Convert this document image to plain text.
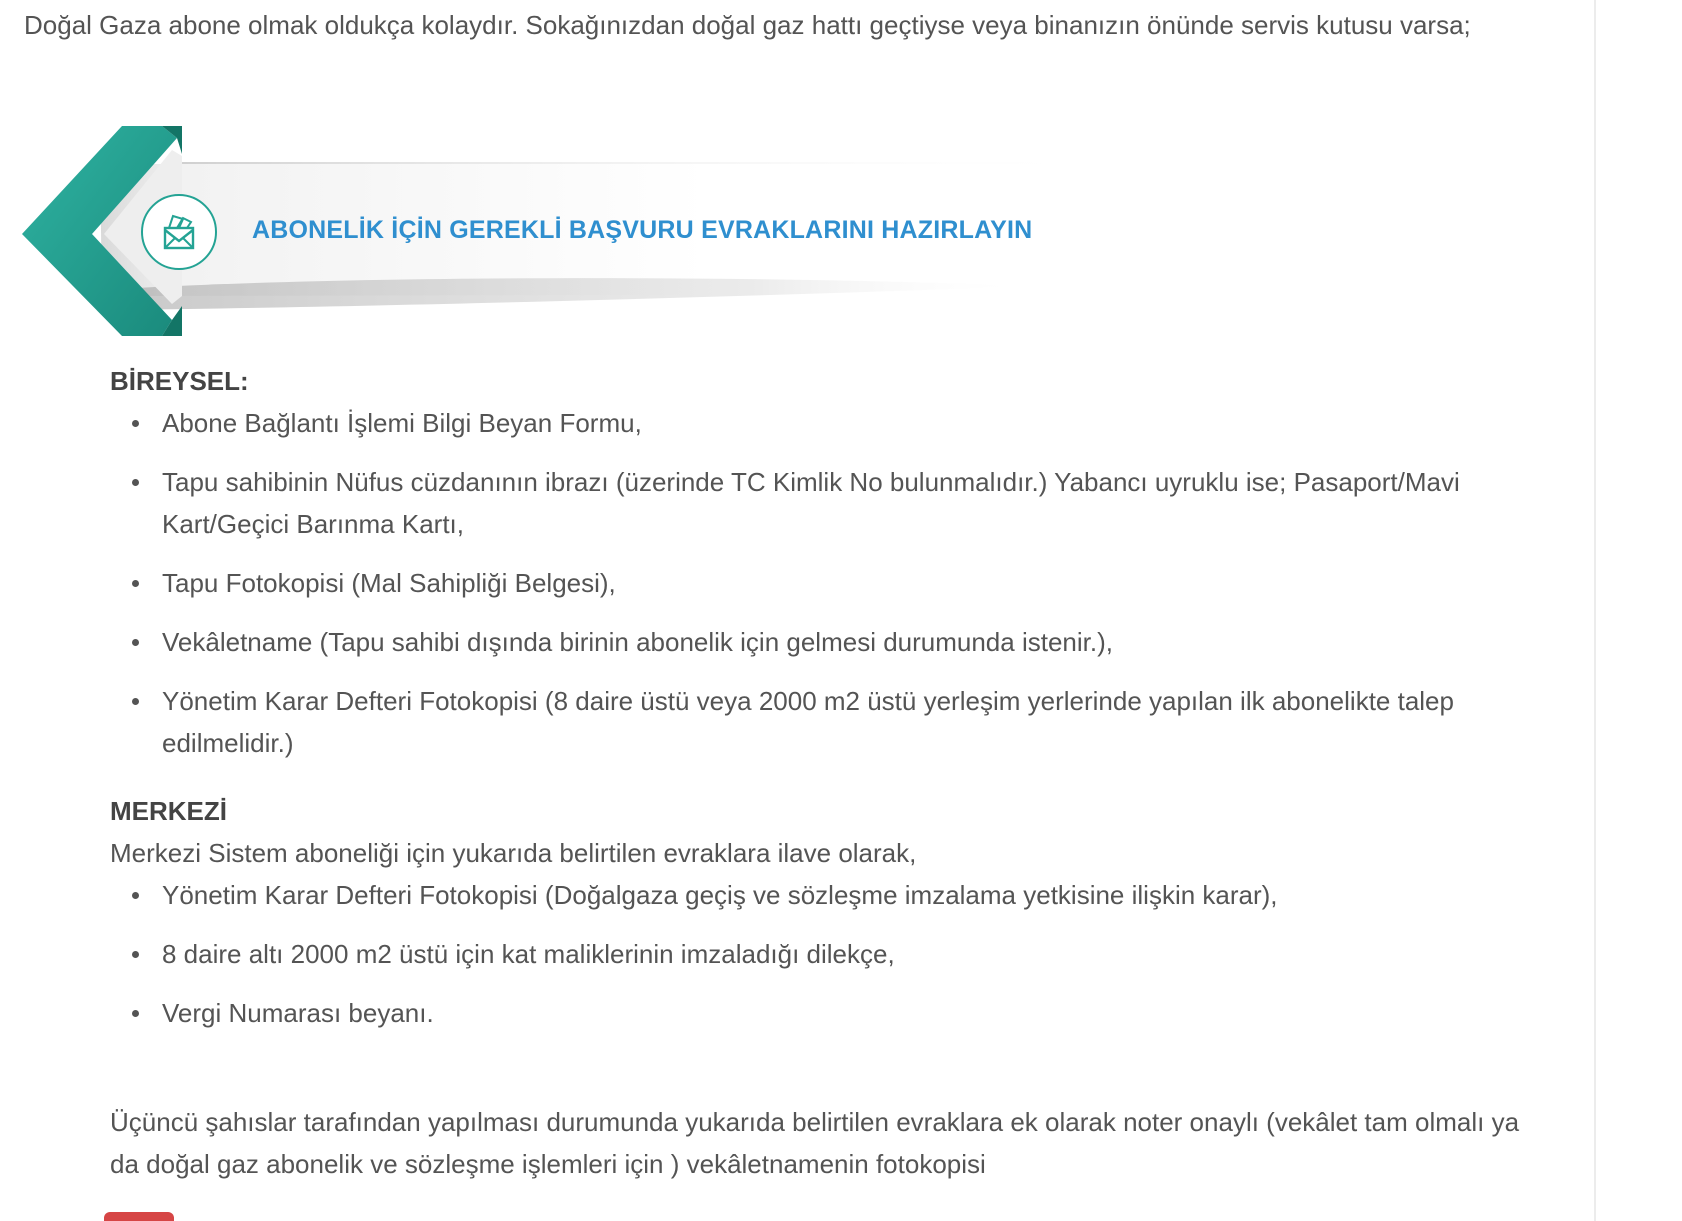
Doğal Gaza abone olmak oldukça kolaydır. Sokağınızdan doğal gaz hattı geçtiyse veya binanızın önünde servis kutusu varsa;

ABONELİK İÇİN GEREKLİ BAŞVURU EVRAKLARINI HAZIRLAYIN
BİREYSEL:
Abone Bağlantı İşlemi Bilgi Beyan Formu,
Tapu sahibinin Nüfus cüzdanının ibrazı (üzerinde TC Kimlik No bulunmalıdır.) Yabancı uyruklu ise; Pasaport/Mavi Kart/Geçici Barınma Kartı,
Tapu Fotokopisi (Mal Sahipliği Belgesi),
Vekâletname (Tapu sahibi dışında birinin abonelik için gelmesi durumunda istenir.),
Yönetim Karar Defteri Fotokopisi (8 daire üstü veya 2000 m2 üstü yerleşim yerlerinde yapılan ilk abonelikte talep edilmelidir.)
MERKEZİ

Merkezi Sistem aboneliği için yukarıda belirtilen evraklara ilave olarak,

Yönetim Karar Defteri Fotokopisi (Doğalgaza geçiş ve sözleşme imzalama yetkisine ilişkin karar),
8 daire altı 2000 m2 üstü için kat maliklerinin imzaladığı dilekçe,
Vergi Numarası beyanı.

Üçüncü şahıslar tarafından yapılması durumunda yukarıda belirtilen evraklara ek olarak noter onaylı (vekâlet tam olmalı ya da doğal gaz abonelik ve sözleşme işlemleri için ) vekâletnamenin fotokopisi
